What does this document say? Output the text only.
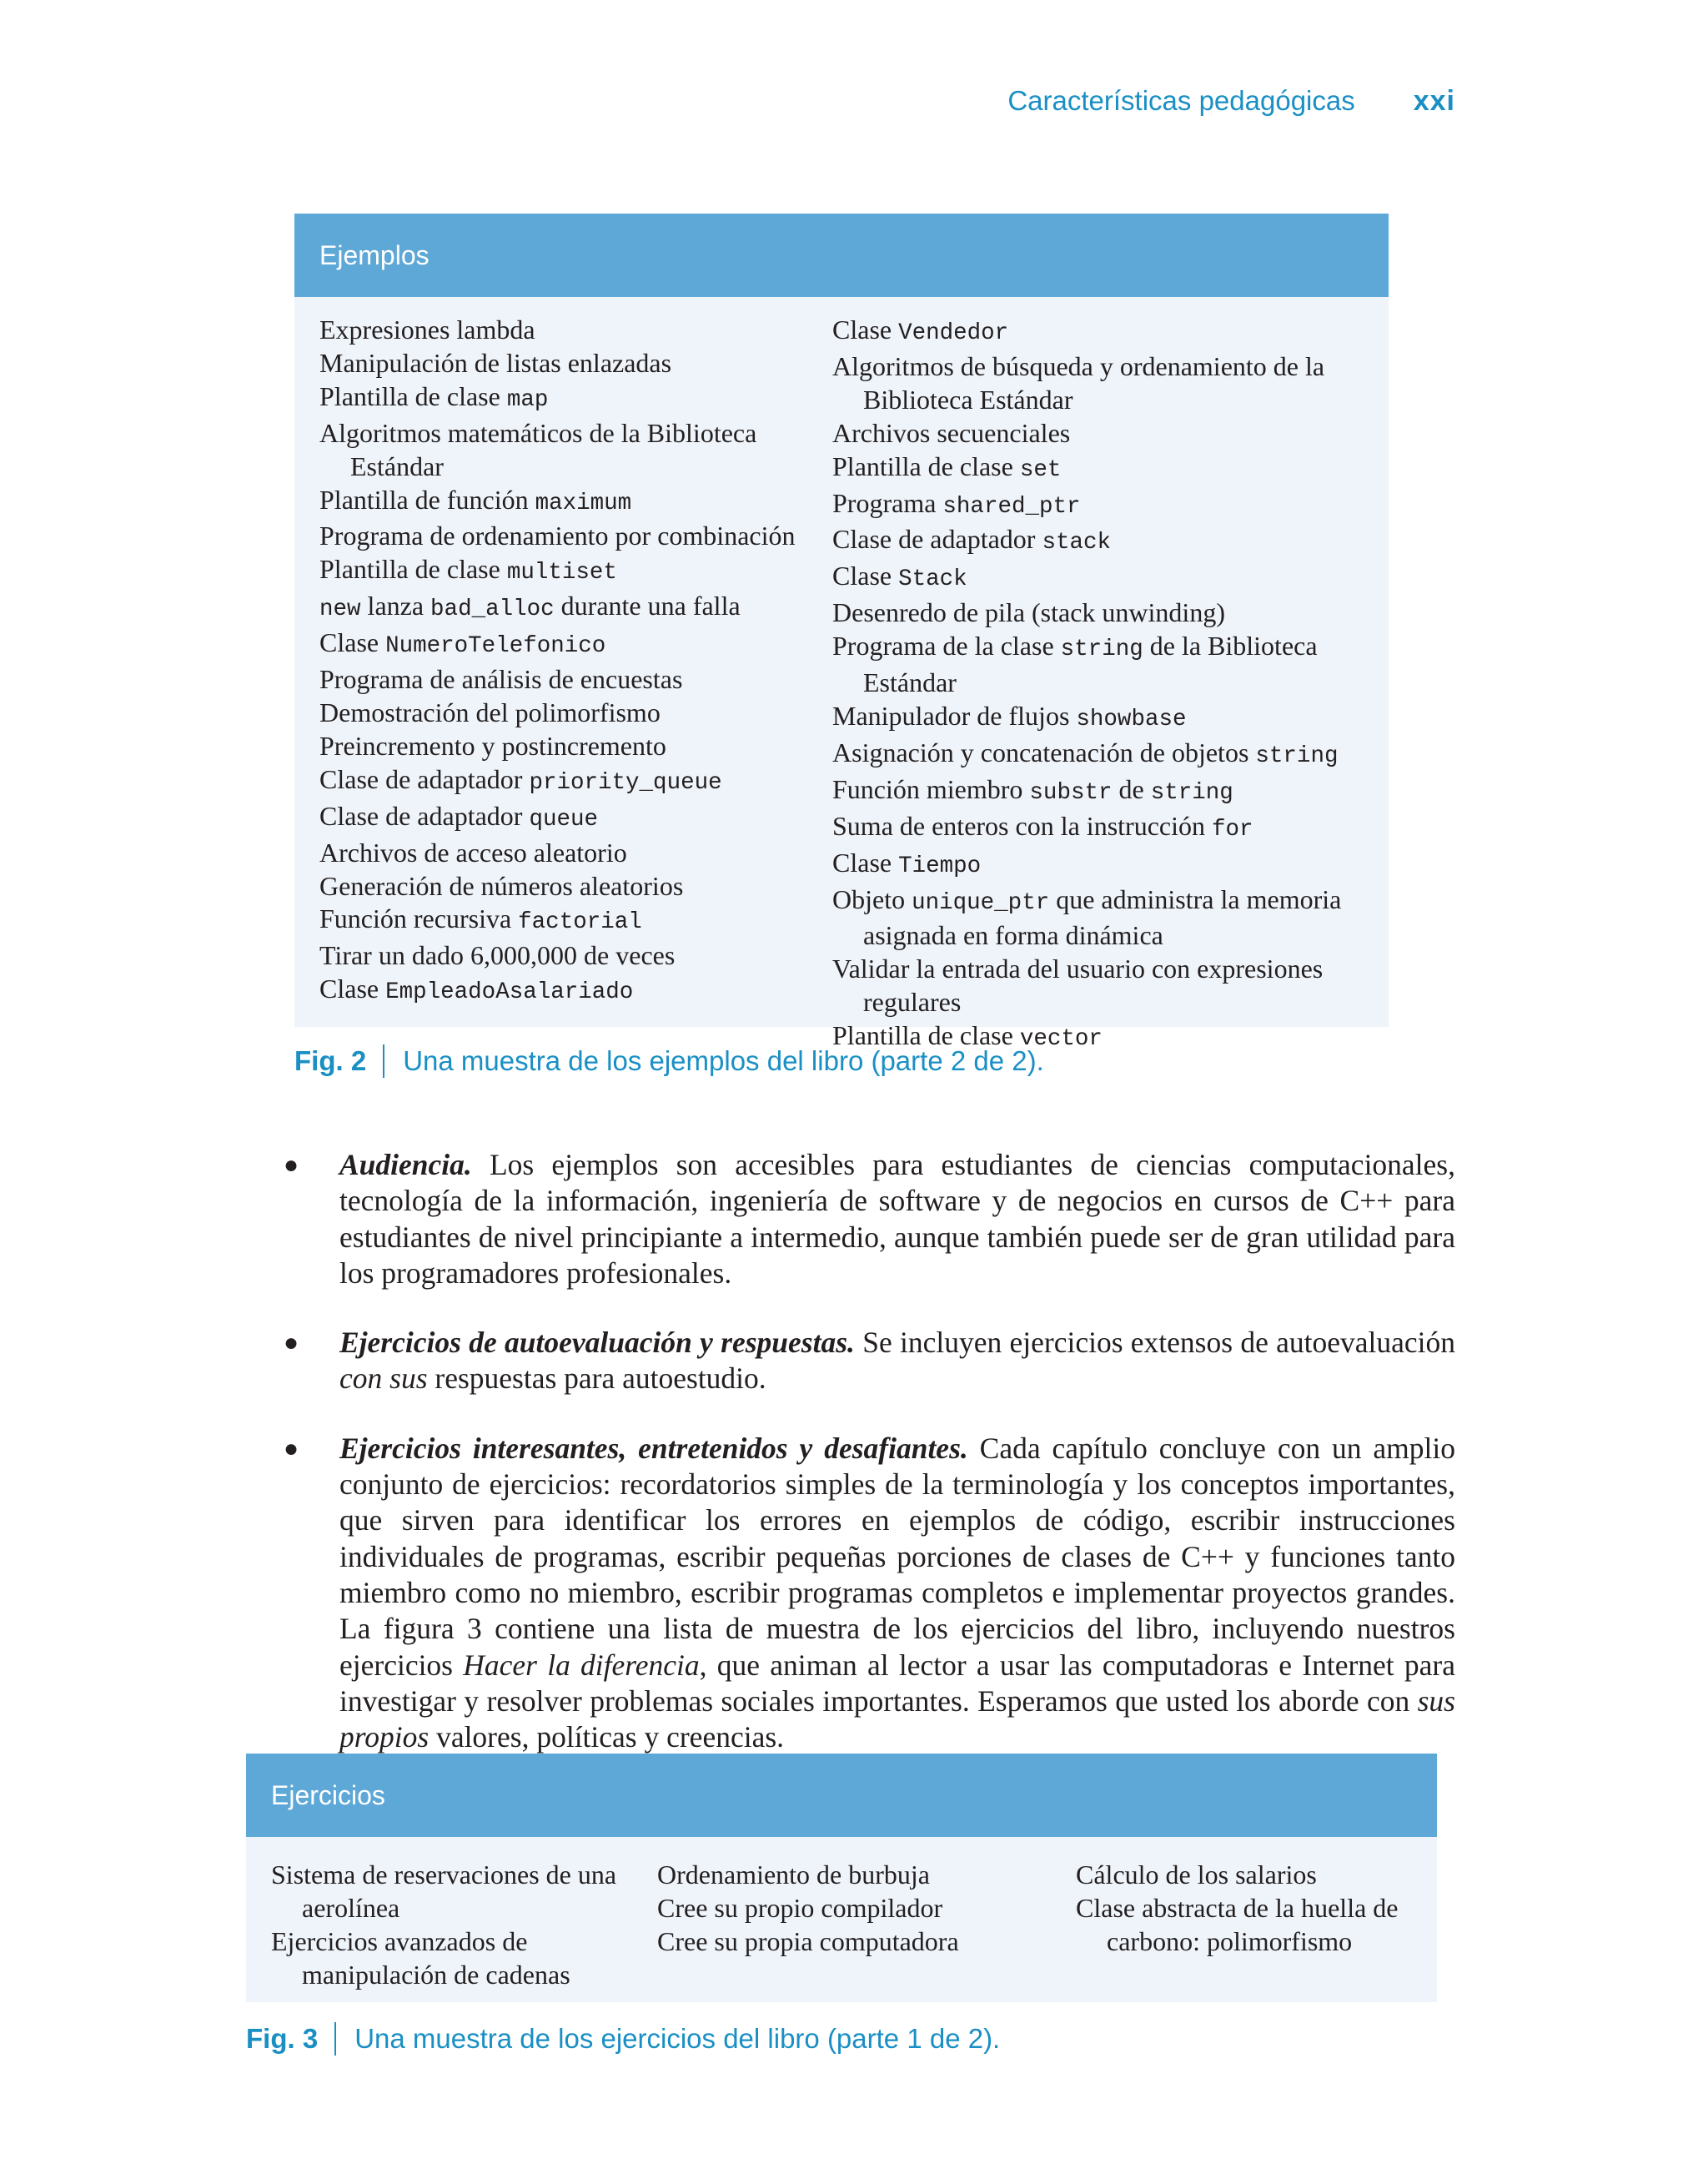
Características pedagógicas xxi
Ejemplos
Expresiones lambda
Manipulación de listas enlazadas
Plantilla de clase map
Algoritmos matemáticos de la Biblioteca Estándar
Plantilla de función maximum
Programa de ordenamiento por combinación
Plantilla de clase multiset
new lanza bad_alloc durante una falla
Clase NumeroTelefonico
Programa de análisis de encuestas
Demostración del polimorfismo
Preincremento y postincremento
Clase de adaptador priority_queue
Clase de adaptador queue
Archivos de acceso aleatorio
Generación de números aleatorios
Función recursiva factorial
Tirar un dado 6,000,000 de veces
Clase EmpleadoAsalariado
Clase Vendedor
Algoritmos de búsqueda y ordenamiento de la Biblioteca Estándar
Archivos secuenciales
Plantilla de clase set
Programa shared_ptr
Clase de adaptador stack
Clase Stack
Desenredo de pila (stack unwinding)
Programa de la clase string de la Biblioteca Estándar
Manipulador de flujos showbase
Asignación y concatenación de objetos string
Función miembro substr de string
Suma de enteros con la instrucción for
Clase Tiempo
Objeto unique_ptr que administra la memoria asignada en forma dinámica
Validar la entrada del usuario con expresiones regulares
Plantilla de clase vector
Fig. 2 Una muestra de los ejemplos del libro (parte 2 de 2).
●	Audiencia. Los ejemplos son accesibles para estudiantes de ciencias computacionales, tecnología de la información, ingeniería de software y de negocios en cursos de C++ para estudiantes de nivel principiante a intermedio, aunque también puede ser de gran utilidad para los programadores profesionales.
●	Ejercicios de autoevaluación y respuestas. Se incluyen ejercicios extensos de autoevaluación con sus respuestas para autoestudio.
●	Ejercicios interesantes, entretenidos y desafiantes. Cada capítulo concluye con un amplio conjunto de ejercicios: recordatorios simples de la terminología y los conceptos importantes, que sirven para identificar los errores en ejemplos de código, escribir instrucciones individuales de programas, escribir pequeñas porciones de clases de C++ y funciones tanto miembro como no miembro, escribir programas completos e implementar proyectos grandes. La figura 3 contiene una lista de muestra de los ejercicios del libro, incluyendo nuestros ejercicios Hacer la diferencia, que animan al lector a usar las computadoras e Internet para investigar y resolver problemas sociales importantes. Esperamos que usted los aborde con sus propios valores, políticas y creencias.
Ejercicios
Sistema de reservaciones de una aerolínea
Ejercicios avanzados de manipulación de cadenas
Ordenamiento de burbuja
Cree su propio compilador
Cree su propia computadora
Cálculo de los salarios
Clase abstracta de la huella de carbono: polimorfismo
Fig. 3 Una muestra de los ejercicios del libro (parte 1 de 2).
